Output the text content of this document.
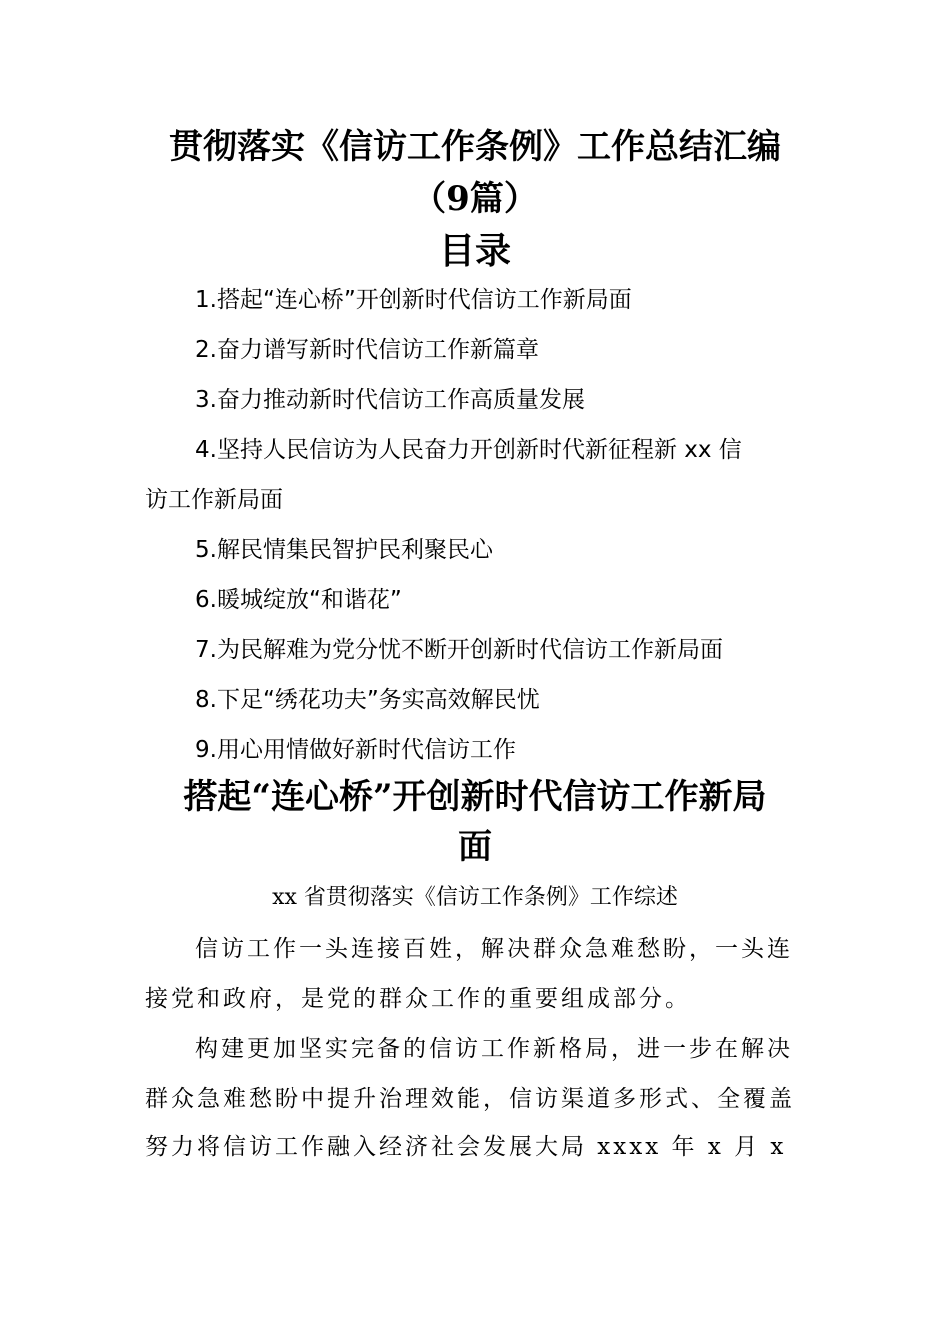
贯彻落实《信访工作条例》工作总结汇编
（9篇）
目录

1.搭起“连心桥”开创新时代信访工作新局面

2.奋力谱写新时代信访工作新篇章

3.奋力推动新时代信访工作高质量发展

4.坚持人民信访为人民奋力开创新时代新征程新 xx 信

访工作新局面

5.解民情集民智护民利聚民心

6.暖城绽放“和谐花”

7.为民解难为党分忧不断开创新时代信访工作新局面

8.下足“绣花功夫”务实高效解民忧

9.用心用情做好新时代信访工作

搭起“连心桥”开创新时代信访工作新局
面

xx 省贯彻落实《信访工作条例》工作综述

信访工作一头连接百姓，解决群众急难愁盼，一头连

接党和政府，是党的群众工作的重要组成部分。

构建更加坚实完备的信访工作新格局，进一步在解决

群众急难愁盼中提升治理效能，信访渠道多形式、全覆盖

努力将信访工作融入经济社会发展大局 xxxx 年 x 月 x
